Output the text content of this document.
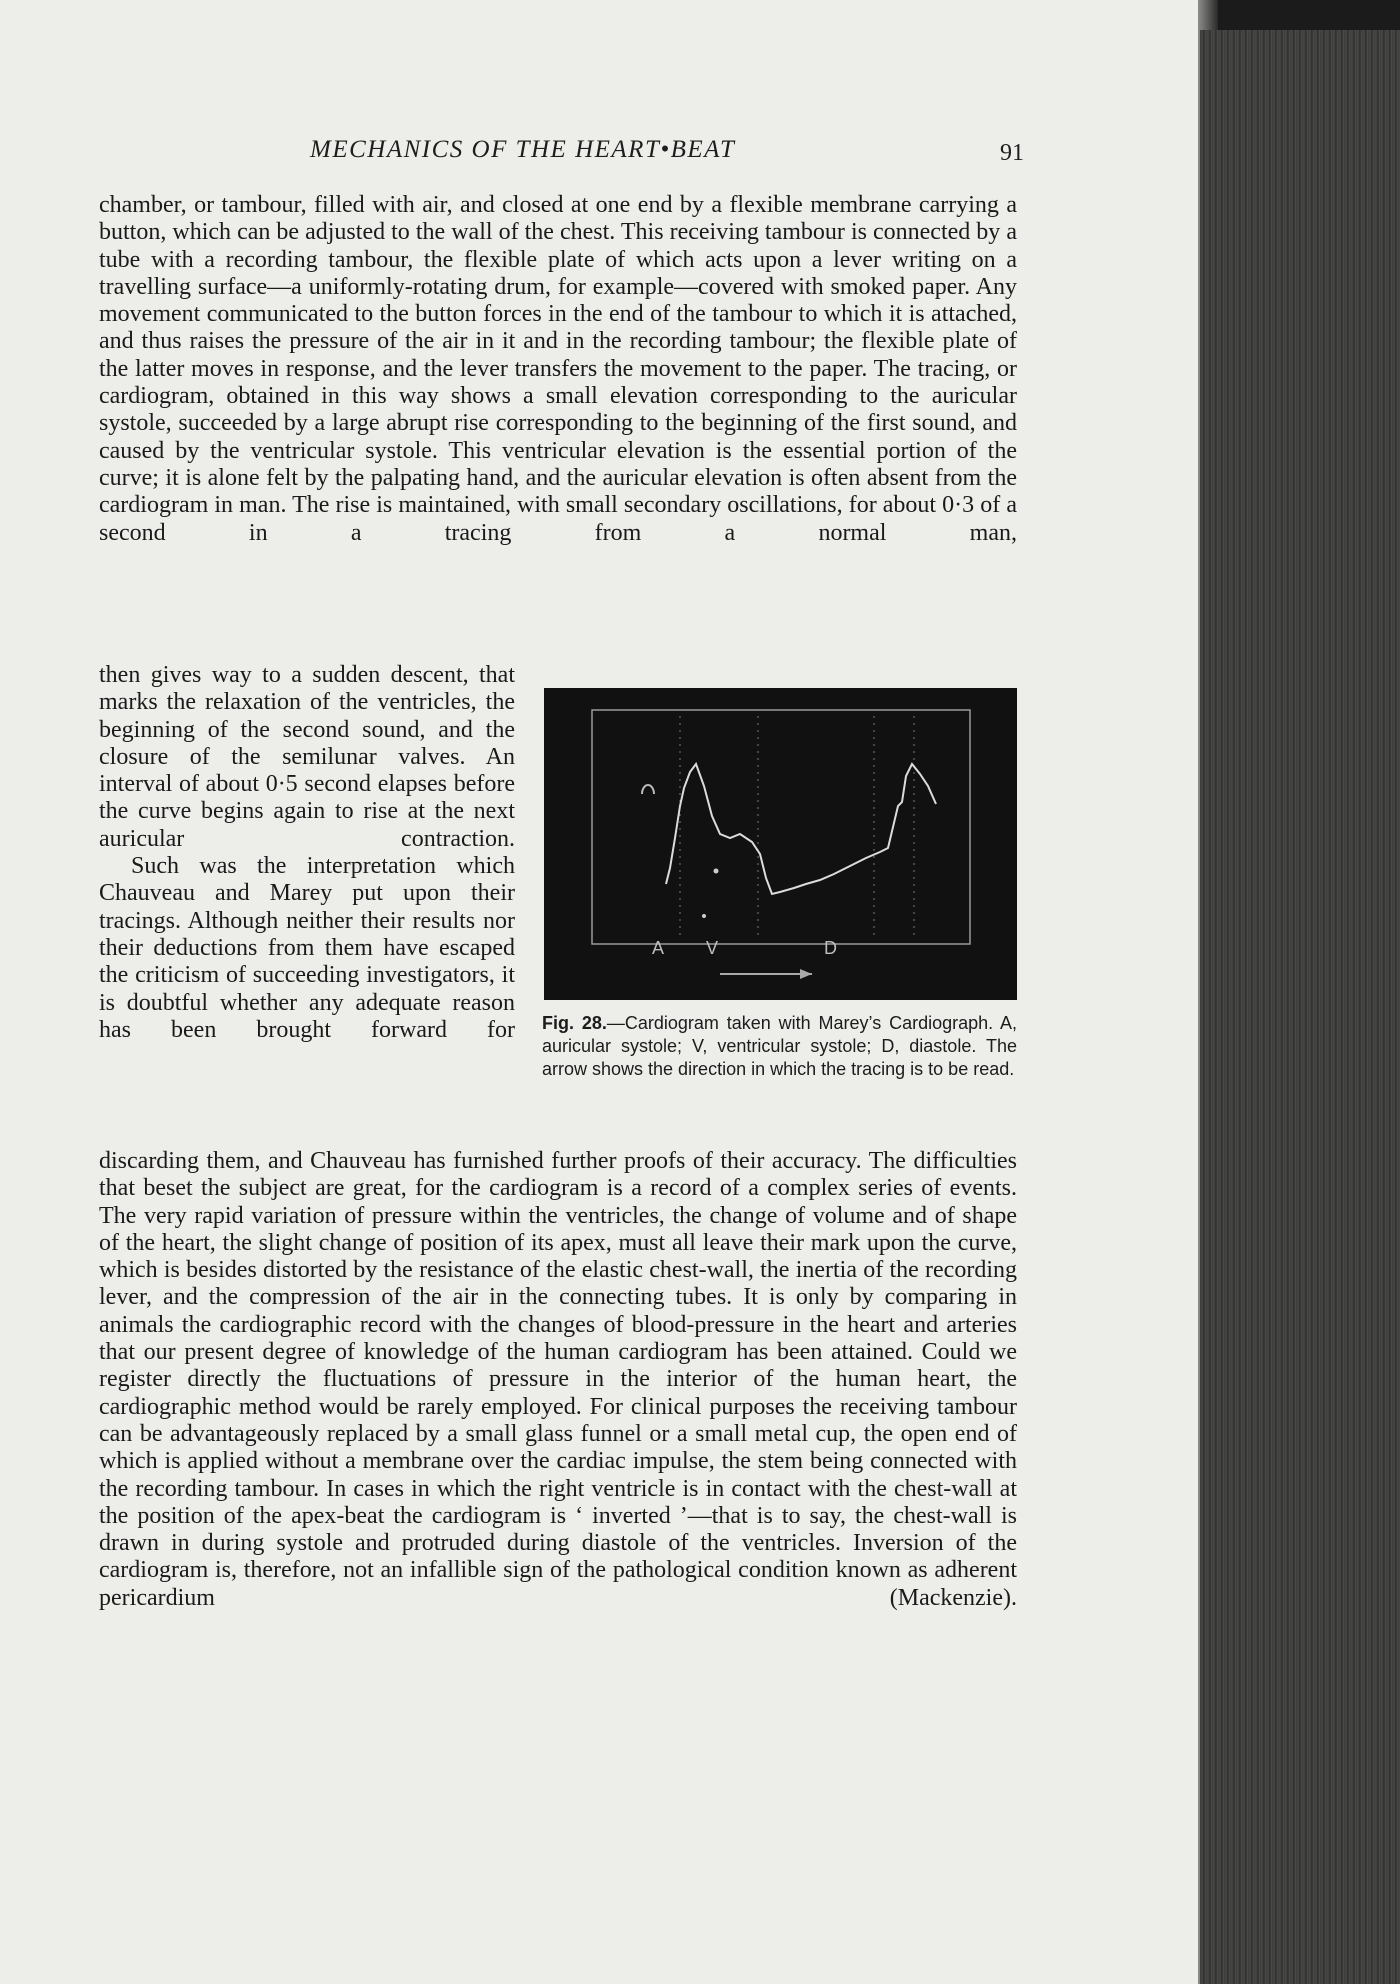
MECHANICS OF THE HEART•BEAT	91

chamber, or tambour, filled with air, and closed at one end by a flexible membrane carrying a button, which can be adjusted to the wall of the chest. This receiving tambour is connected by a tube with a recording tambour, the flexible plate of which acts upon a lever writing on a travelling surface—a uniformly-rotating drum, for example—covered with smoked paper. Any movement communicated to the button forces in the end of the tambour to which it is attached, and thus raises the pressure of the air in it and in the recording tambour; the flexible plate of the latter moves in response, and the lever transfers the movement to the paper. The tracing, or cardiogram, obtained in this way shows a small elevation corresponding to the auricular systole, succeeded by a large abrupt rise corresponding to the beginning of the first sound, and caused by the ventricular systole. This ventricular elevation is the essential portion of the curve; it is alone felt by the palpating hand, and the auricular elevation is often absent from the cardiogram in man. The rise is maintained, with small secondary oscillations, for about 0·3 of a second in a tracing from a normal man,

then gives way to a sudden descent, that marks the relaxation of the ventricles, the beginning of the second sound, and the closure of the semilunar valves. An interval of about 0·5 second elapses before the curve begins again to rise at the next auricular contraction.

Such was the interpretation which Chauveau and Marey put upon their tracings. Although neither their results nor their deductions from them have escaped the criticism of succeeding investigators, it is doubtful whether any adequate reason has been brought forward for

A V	D
Fig. 28.—Cardiogram taken with Marey’s Cardiograph. A, auricular systole; V, ventricular systole; D, diastole. The arrow shows the direction in which the tracing is to be read.

discarding them, and Chauveau has furnished further proofs of their accuracy. The difficulties that beset the subject are great, for the cardiogram is a record of a complex series of events. The very rapid variation of pressure within the ventricles, the change of volume and of shape of the heart, the slight change of position of its apex, must all leave their mark upon the curve, which is besides distorted by the resistance of the elastic chest-wall, the inertia of the recording lever, and the compression of the air in the connecting tubes. It is only by comparing in animals the cardiographic record with the changes of blood-pressure in the heart and arteries that our present degree of knowledge of the human cardiogram has been attained. Could we register directly the fluctuations of pressure in the interior of the human heart, the cardiographic method would be rarely employed. For clinical purposes the receiving tambour can be advantageously replaced by a small glass funnel or a small metal cup, the open end of which is applied without a membrane over the cardiac impulse, the stem being connected with the recording tambour. In cases in which the right ventricle is in contact with the chest-wall at the position of the apex-beat the cardiogram is ‘ inverted ’—that is to say, the chest-wall is drawn in during systole and protruded during diastole of the ventricles. Inversion of the cardiogram is, therefore, not an infallible sign of the pathological condition known as adherent pericardium (Mackenzie).
